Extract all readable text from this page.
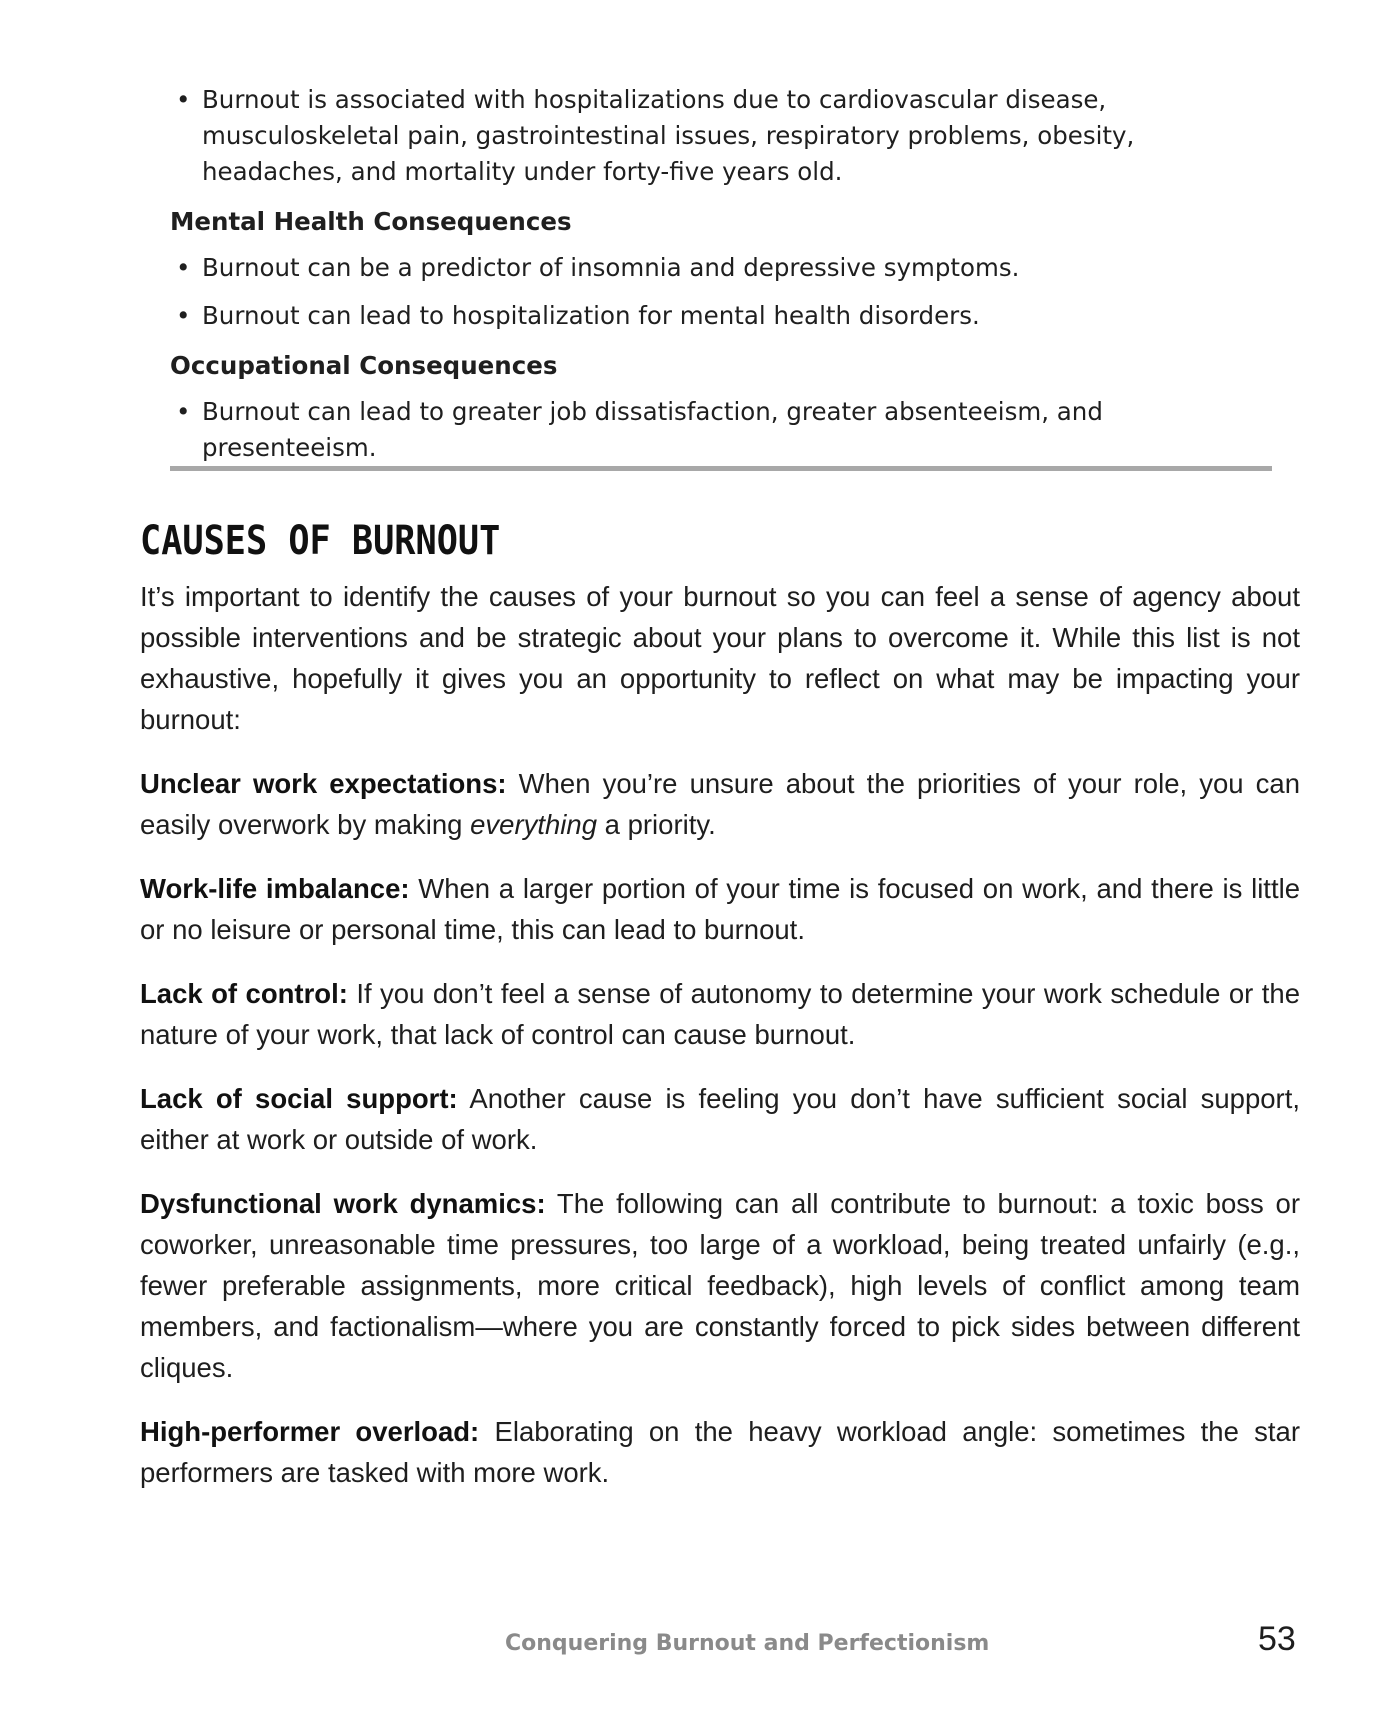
• Burnout is associated with hospitalizations due to cardiovascular disease, musculoskeletal pain, gastrointestinal issues, respiratory problems, obesity, headaches, and mortality under forty-five years old.

Mental Health Consequences

• Burnout can be a predictor of insomnia and depressive symptoms.

• Burnout can lead to hospitalization for mental health disorders.

Occupational Consequences

• Burnout can lead to greater job dissatisfaction, greater absenteeism, and presenteeism.

CAUSES OF BURNOUT

It’s important to identify the causes of your burnout so you can feel a sense of agency about possible interventions and be strategic about your plans to overcome it. While this list is not exhaustive, hopefully it gives you an opportunity to reflect on what may be impacting your burnout:

Unclear work expectations: When you’re unsure about the priorities of your role, you can easily overwork by making everything a priority.

Work-life imbalance: When a larger portion of your time is focused on work, and there is little or no leisure or personal time, this can lead to burnout.

Lack of control: If you don’t feel a sense of autonomy to determine your work schedule or the nature of your work, that lack of control can cause burnout.

Lack of social support: Another cause is feeling you don’t have sufficient social support, either at work or outside of work.

Dysfunctional work dynamics: The following can all contribute to burnout: a toxic boss or coworker, unreasonable time pressures, too large of a workload, being treated unfairly (e.g., fewer preferable assignments, more critical feedback), high levels of conflict among team members, and factionalism—where you are constantly forced to pick sides between different cliques.

High-performer overload: Elaborating on the heavy workload angle: sometimes the star performers are tasked with more work.

Conquering Burnout and Perfectionism	53
